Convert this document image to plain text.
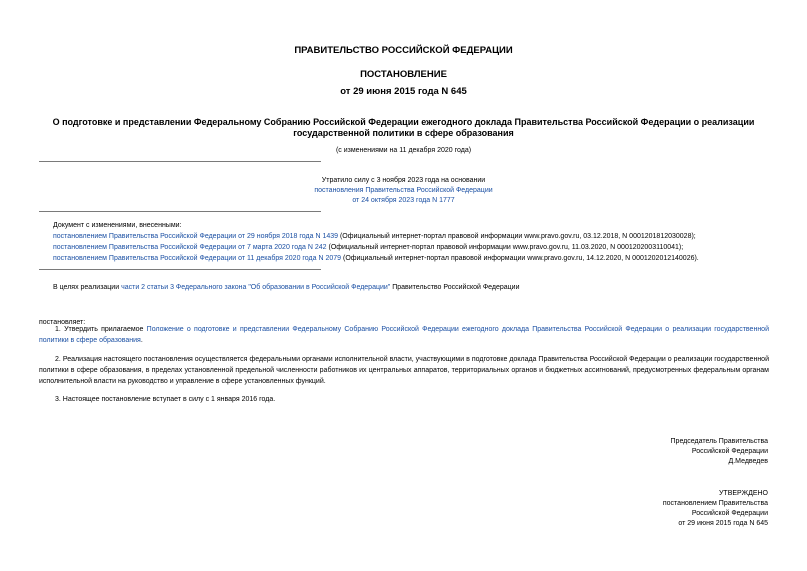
ПРАВИТЕЛЬСТВО РОССИЙСКОЙ ФЕДЕРАЦИИ
ПОСТАНОВЛЕНИЕ
от 29 июня 2015 года N 645
О подготовке и представлении Федеральному Собранию Российской Федерации ежегодного доклада Правительства Российской Федерации о реализации
государственной политики в сфере образования
(с изменениями на 11 декабря 2020 года)
Утратило силу с 3 ноября 2023 года на основании
постановления Правительства Российской Федерации
от 24 октября 2023 года N 1777
Документ с изменениями, внесенными:
постановлением Правительства Российской Федерации от 29 ноября 2018 года N 1439 (Официальный интернет-портал правовой информации www.pravo.gov.ru, 03.12.2018, N 0001201812030028);
постановлением Правительства Российской Федерации от 7 марта 2020 года N 242 (Официальный интернет-портал правовой информации www.pravo.gov.ru, 11.03.2020, N 0001202003110041);
постановлением Правительства Российской Федерации от 11 декабря 2020 года N 2079 (Официальный интернет-портал правовой информации www.pravo.gov.ru, 14.12.2020, N 0001202012140026).
В целях реализации части 2 статьи 3 Федерального закона "Об образовании в Российской Федерации" Правительство Российской Федерации
постановляет:
1. Утвердить прилагаемое Положение о подготовке и представлении Федеральному Собранию Российской Федерации ежегодного доклада Правительства Российской Федерации о реализации государственной политики в сфере образования.
2. Реализация настоящего постановления осуществляется федеральными органами исполнительной власти, участвующими в подготовке доклада Правительства Российской Федерации о реализации государственной политики в сфере образования, в пределах установленной предельной численности работников их центральных аппаратов, территориальных органов и бюджетных ассигнований, предусмотренных федеральным органам исполнительной власти на руководство и управление в сфере установленных функций.
3. Настоящее постановление вступает в силу с 1 января 2016 года.
Председатель Правительства
Российской Федерации
Д.Медведев
УТВЕРЖДЕНО
постановлением Правительства
Российской Федерации
от 29 июня 2015 года N 645
